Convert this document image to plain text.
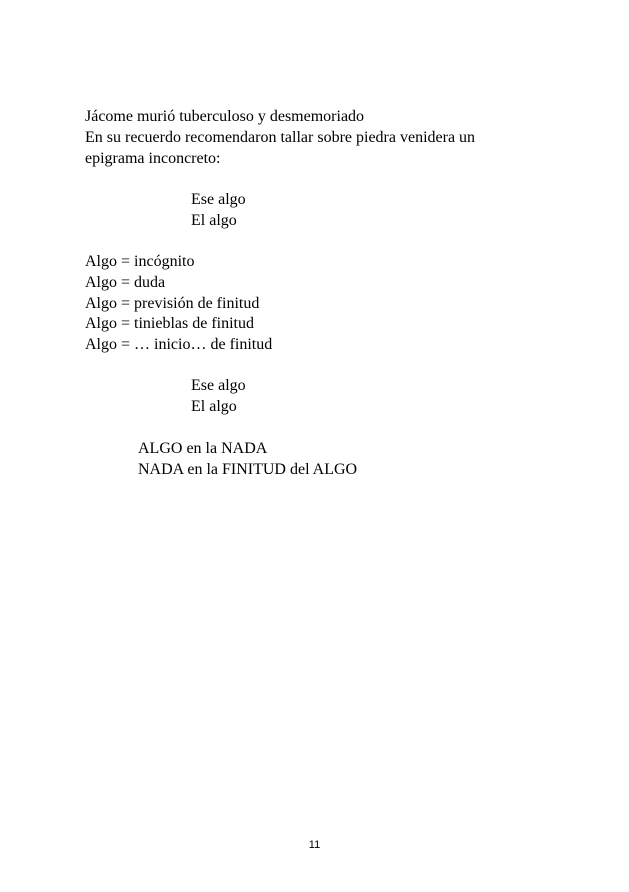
Jácome murió tuberculoso y desmemoriado
En su recuerdo recomendaron tallar sobre piedra venidera un
epigrama inconcreto:
Ese algo
El algo
Algo = incógnito
Algo = duda
Algo = previsión de finitud
Algo = tinieblas de finitud
Algo = … inicio… de finitud
Ese algo
El algo
ALGO en la NADA
NADA en la FINITUD del ALGO
11
